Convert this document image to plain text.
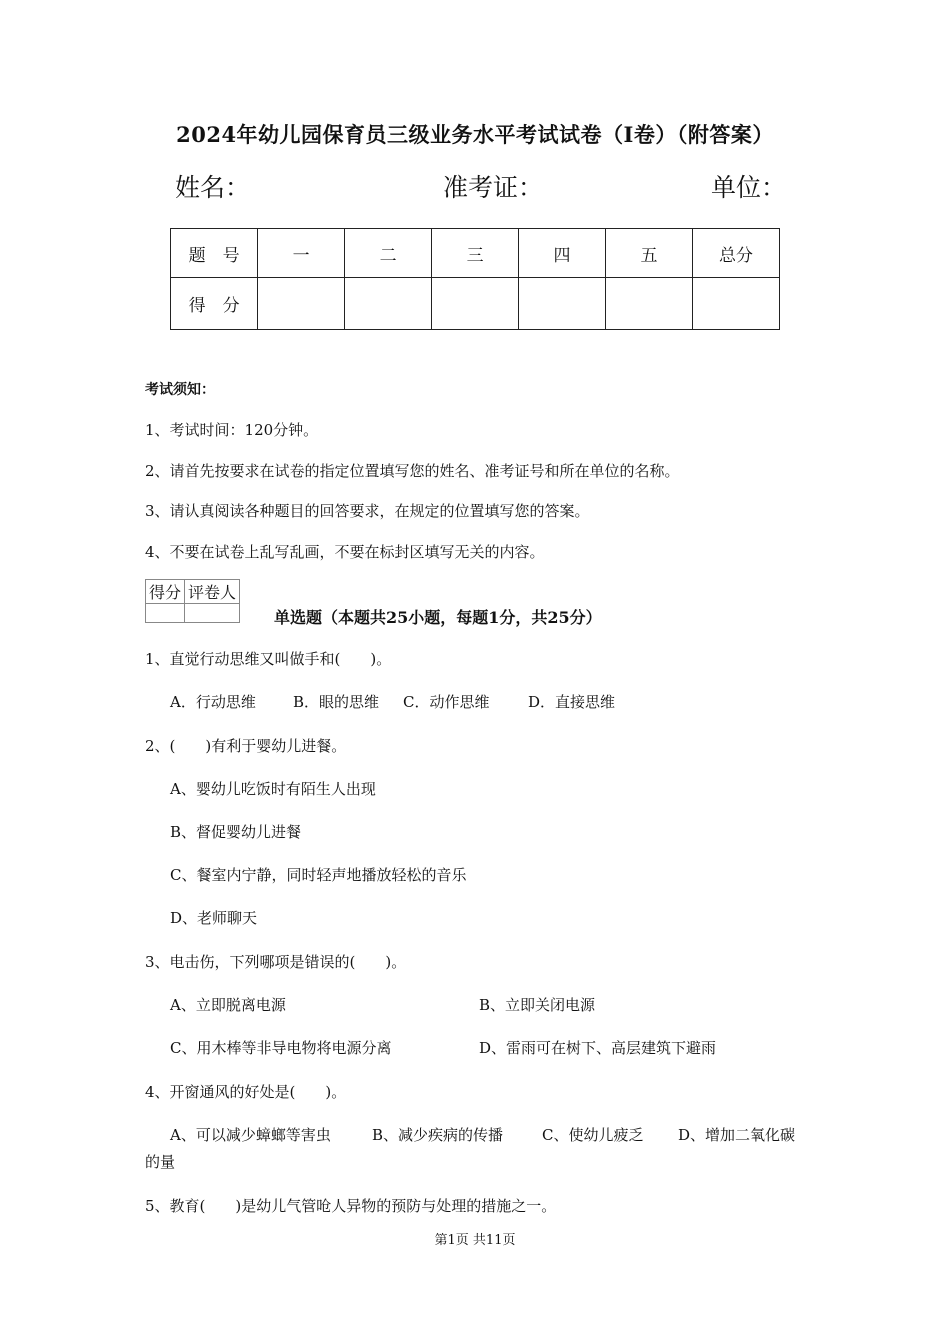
2024年幼儿园保育员三级业务水平考试试卷（I卷）（附答案）
姓名：	准考证：	单位：
题　号	一	二	三	四	五	总分
得　分						
考试须知：
1、考试时间：120分钟。
2、请首先按要求在试卷的指定位置填写您的姓名、准考证号和所在单位的名称。
3、请认真阅读各种题目的回答要求，在规定的位置填写您的答案。
4、不要在试卷上乱写乱画，不要在标封区填写无关的内容。
得分	评卷人

单选题（本题共25小题，每题1分，共25分）
1、直觉行动思维又叫做手和(　　)。
A．行动思维 B．眼的思维 C．动作思维	D．直接思维
2、(　　)有利于婴幼儿进餐。
A、婴幼儿吃饭时有陌生人出现
B、督促婴幼儿进餐
C、餐室内宁静，同时轻声地播放轻松的音乐
D、老师聊天
3、电击伤，下列哪项是错误的(　　)。
A、立即脱离电源	B、立即关闭电源
C、用木棒等非导电物将电源分离	D、雷雨可在树下、高层建筑下避雨
4、开窗通风的好处是(　　)。
A、可以减少蟑螂等害虫	B、减少疾病的传播	C、使幼儿疲乏 D、增加二氧化碳
的量
5、教育(　　)是幼儿气管呛人异物的预防与处理的措施之一。
第1页 共11页
